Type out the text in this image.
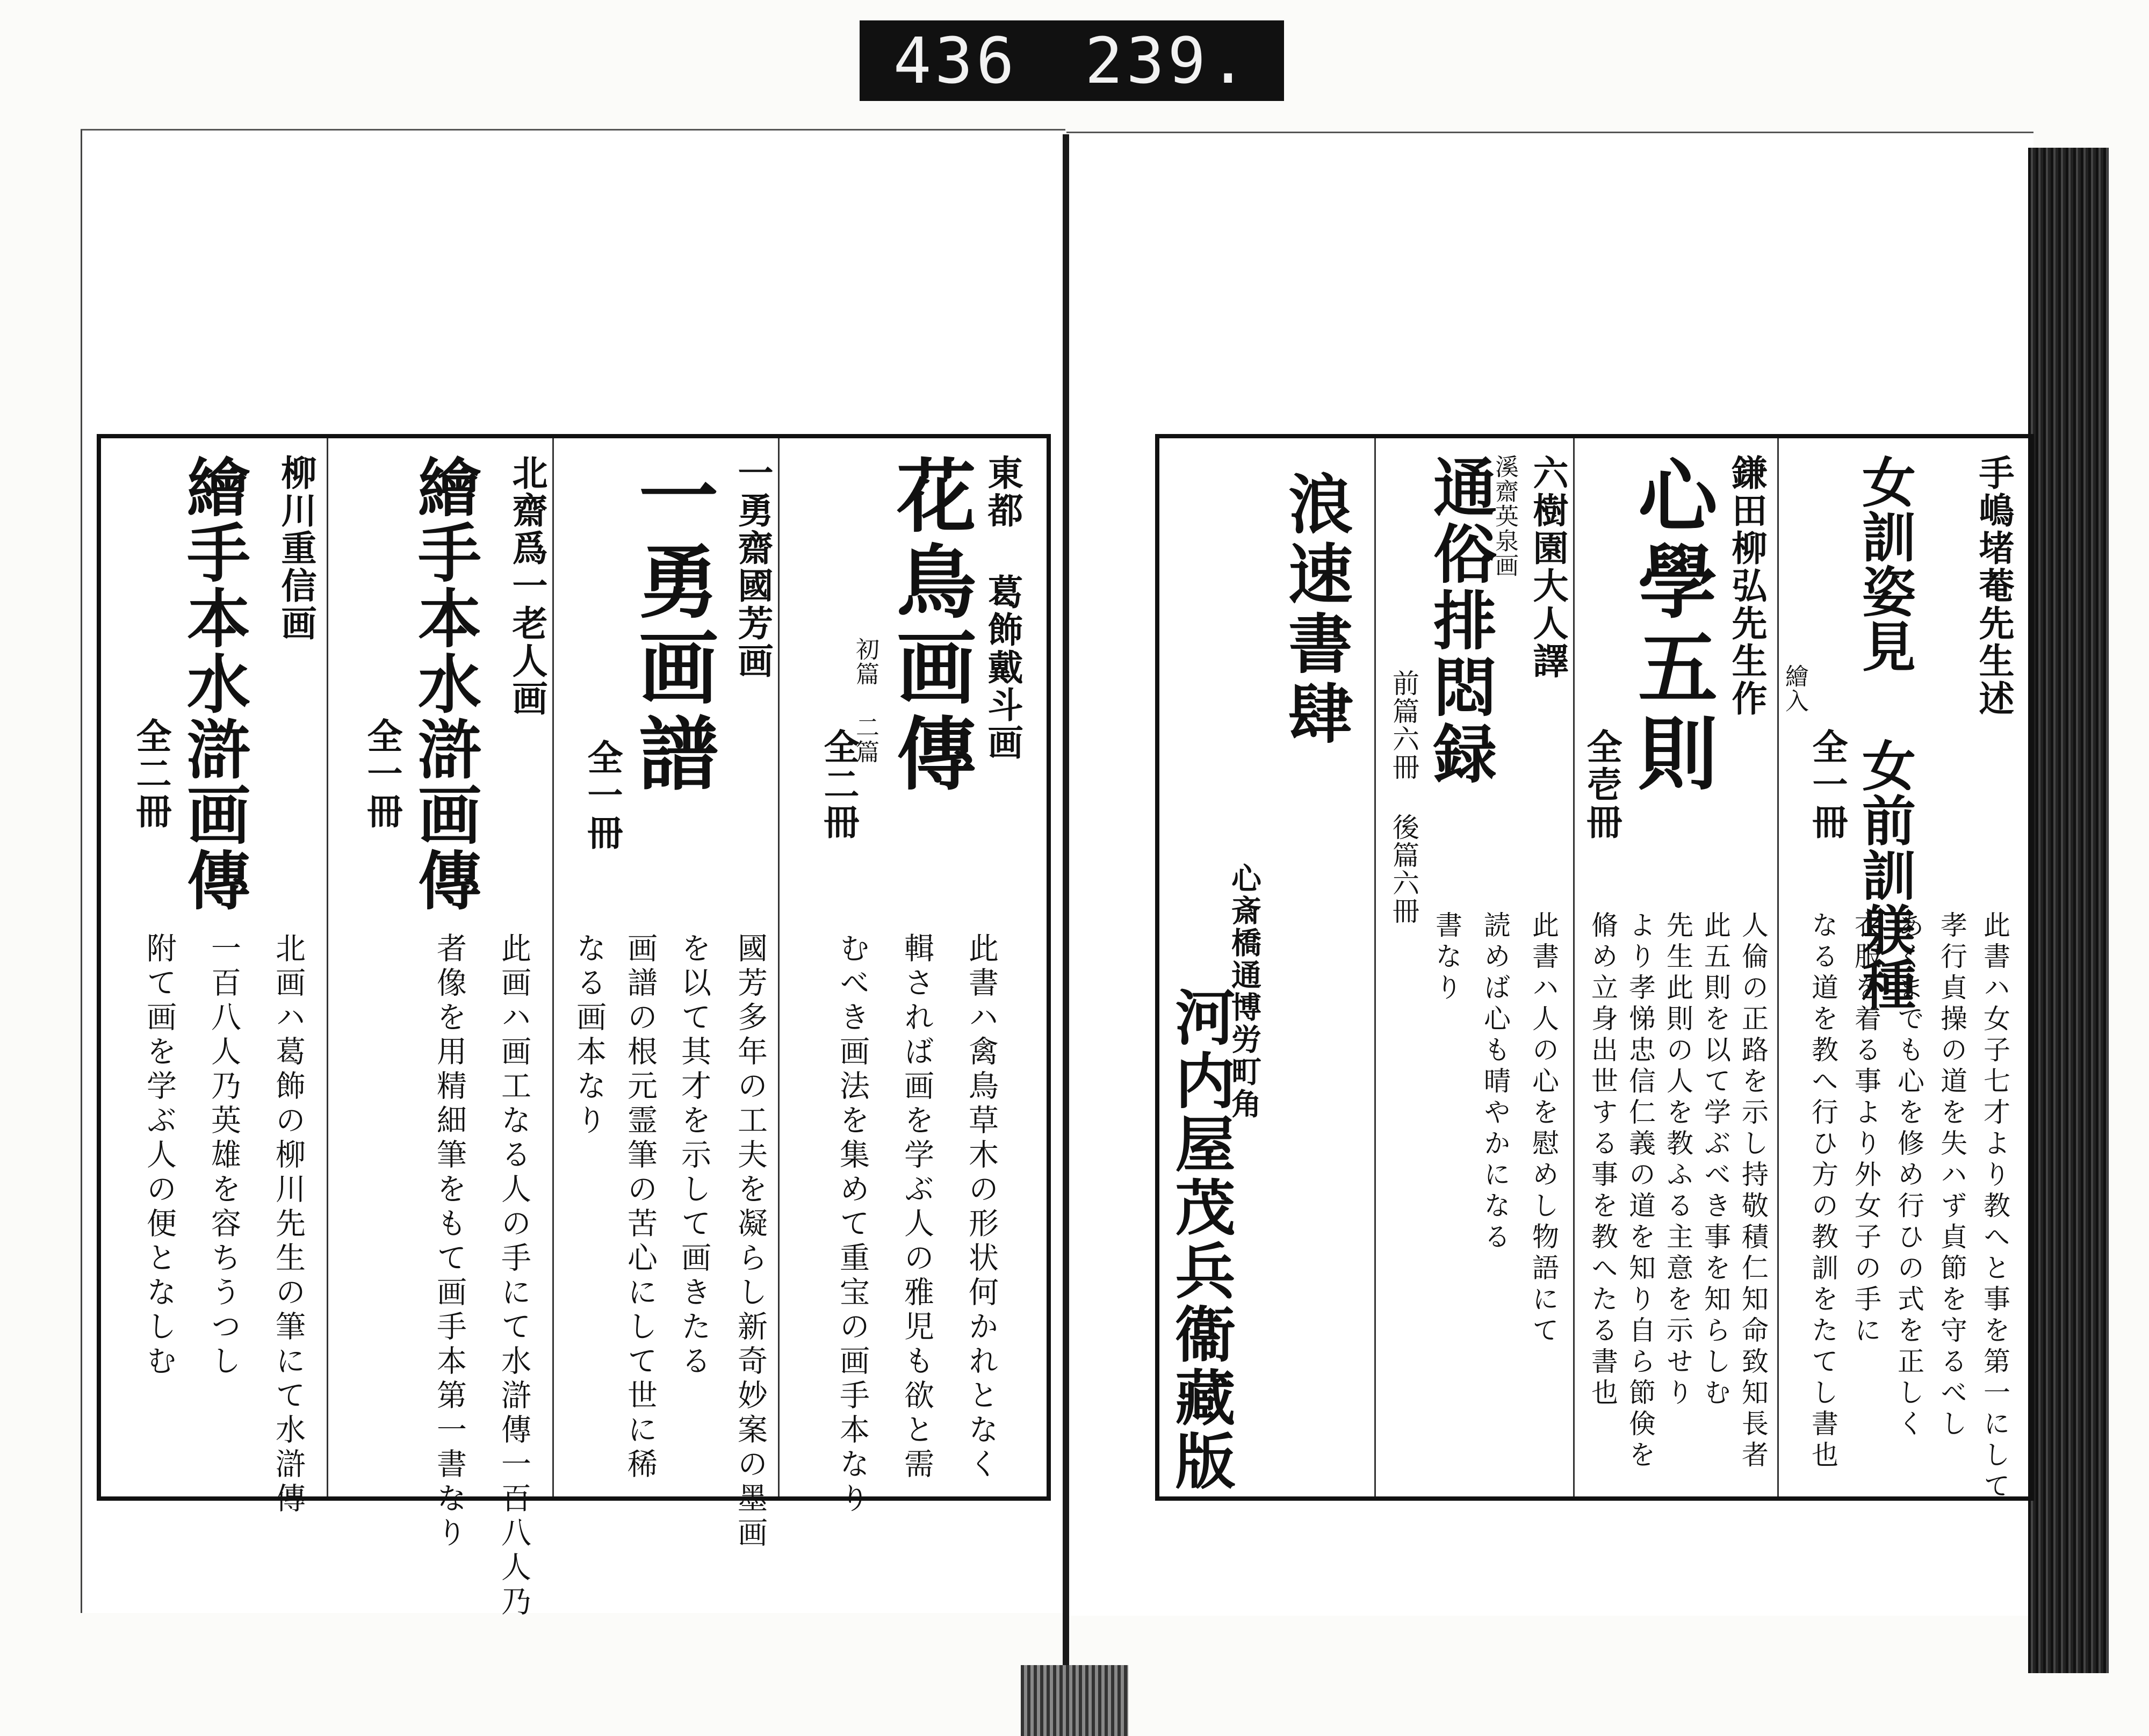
436 239.
東都 葛飾戴斗画
花鳥画傳
初篇 二篇
全二冊
此書ハ禽鳥草木の形状何かれとなく
輯されば画を学ぶ人の雅児も欲と需
むべき画法を集めて重宝の画手本なり
一勇齋國芳画
一勇画譜
全一冊
國芳多年の工夫を凝らし新奇妙案の墨画
を以て其才を示して画きたる
画譜の根元霊筆の苦心にして世に稀
なる画本なり
北齋爲一老人画
繪手本水滸画傳
全一冊
此画ハ画工なる人の手にて水滸傳一百八人乃
者像を用精細筆をもて画手本第一書なり
柳川重信画
繪手本水滸画傳
全二冊
北画ハ葛飾の柳川先生の筆にて水滸傳
一百八人乃英雄を容ちうつし
附て画を学ぶ人の便となしむ
手嶋堵菴先生述
女訓姿見 女前訓躾種
繪入
全一冊
此書ハ女子七才より教へと事を第一にして
孝行貞操の道を失ハず貞節を守るべし
あくまでも心を修め行ひの式を正しく
衣服を着る事より外女子の手に
なる道を教へ行ひ方の教訓をたてし書也
鎌田柳弘先生作
心學五則
全壱冊
人倫の正路を示し持敬積仁知命致知長者
此五則を以て学ぶべき事を知らしむ
先生此則の人を教ふる主意を示せり
より孝悌忠信仁義の道を知り自ら節倹を
脩め立身出世する事を教へたる書也
六樹園大人譯
溪齋英泉画
通俗排悶録
前篇六冊 後篇六冊
此書ハ人の心を慰めし物語にて
読めば心も晴やかになる
書なり
浪速書肆
心斎橋通博労町角
河内屋茂兵衞藏版
